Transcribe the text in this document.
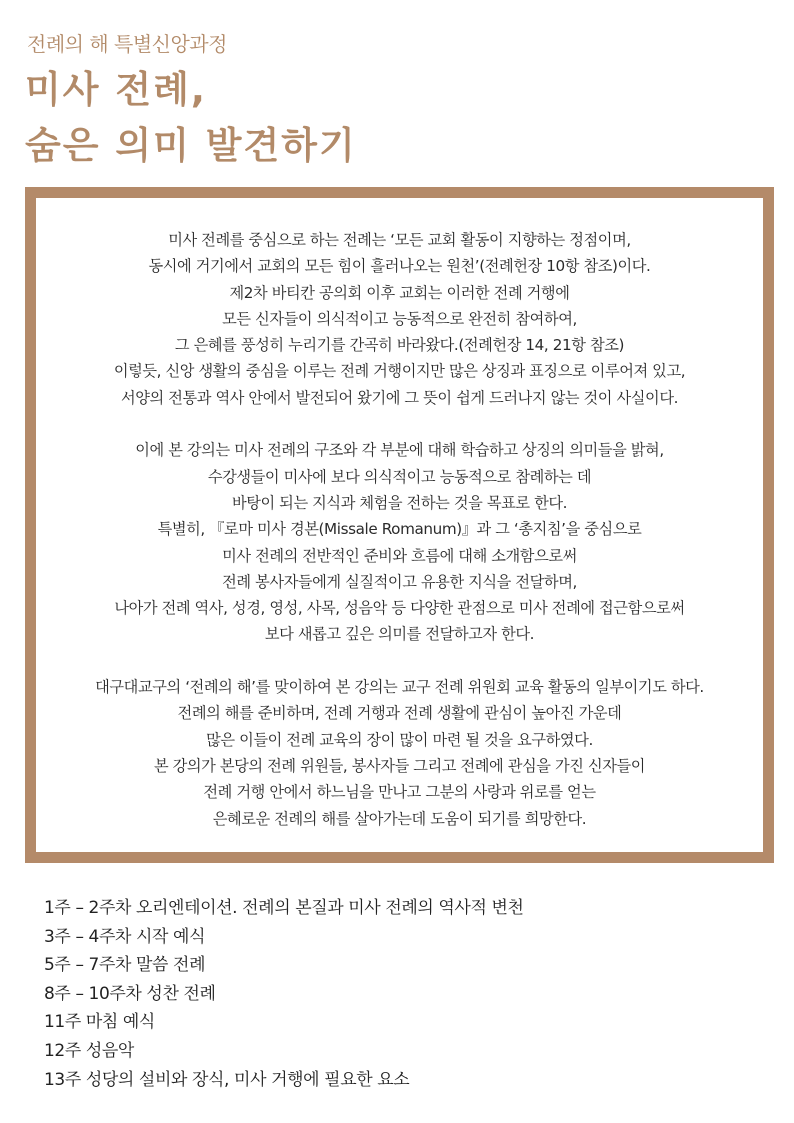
전례의 해 특별신앙과정
미사 전례,
숨은 의미 발견하기
미사 전례를 중심으로 하는 전례는 ‘모든 교회 활동이 지향하는 정점이며,
동시에 거기에서 교회의 모든 힘이 흘러나오는 원천’(전례헌장 10항 참조)이다.
제2차 바티칸 공의회 이후 교회는 이러한 전례 거행에
모든 신자들이 의식적이고 능동적으로 완전히 참여하여,
그 은혜를 풍성히 누리기를 간곡히 바라왔다.(전례헌장 14, 21항 참조)
이렇듯, 신앙 생활의 중심을 이루는 전례 거행이지만 많은 상징과 표징으로 이루어져 있고,
서양의 전통과 역사 안에서 발전되어 왔기에 그 뜻이 쉽게 드러나지 않는 것이 사실이다.
이에 본 강의는 미사 전례의 구조와 각 부분에 대해 학습하고 상징의 의미들을 밝혀,
수강생들이 미사에 보다 의식적이고 능동적으로 참례하는 데
바탕이 되는 지식과 체험을 전하는 것을 목표로 한다.
특별히, 『로마 미사 경본(Missale Romanum)』과 그 ‘총지침’을 중심으로
미사 전례의 전반적인 준비와 흐름에 대해 소개함으로써
전례 봉사자들에게 실질적이고 유용한 지식을 전달하며,
나아가 전례 역사, 성경, 영성, 사목, 성음악 등 다양한 관점으로 미사 전례에 접근함으로써
보다 새롭고 깊은 의미를 전달하고자 한다.
대구대교구의 ‘전례의 해’를 맞이하여 본 강의는 교구 전례 위원회 교육 활동의 일부이기도 하다.
전례의 해를 준비하며, 전례 거행과 전례 생활에 관심이 높아진 가운데
많은 이들이 전례 교육의 장이 많이 마련 될 것을 요구하였다.
본 강의가 본당의 전례 위원들, 봉사자들 그리고 전례에 관심을 가진 신자들이
전례 거행 안에서 하느님을 만나고 그분의 사랑과 위로를 얻는
은혜로운 전례의 해를 살아가는데 도움이 되기를 희망한다.
1주 – 2주차 오리엔테이션. 전례의 본질과 미사 전례의 역사적 변천
3주 – 4주차 시작 예식
5주 – 7주차 말씀 전례
8주 – 10주차 성찬 전례
11주 마침 예식
12주 성음악
13주 성당의 설비와 장식, 미사 거행에 필요한 요소
